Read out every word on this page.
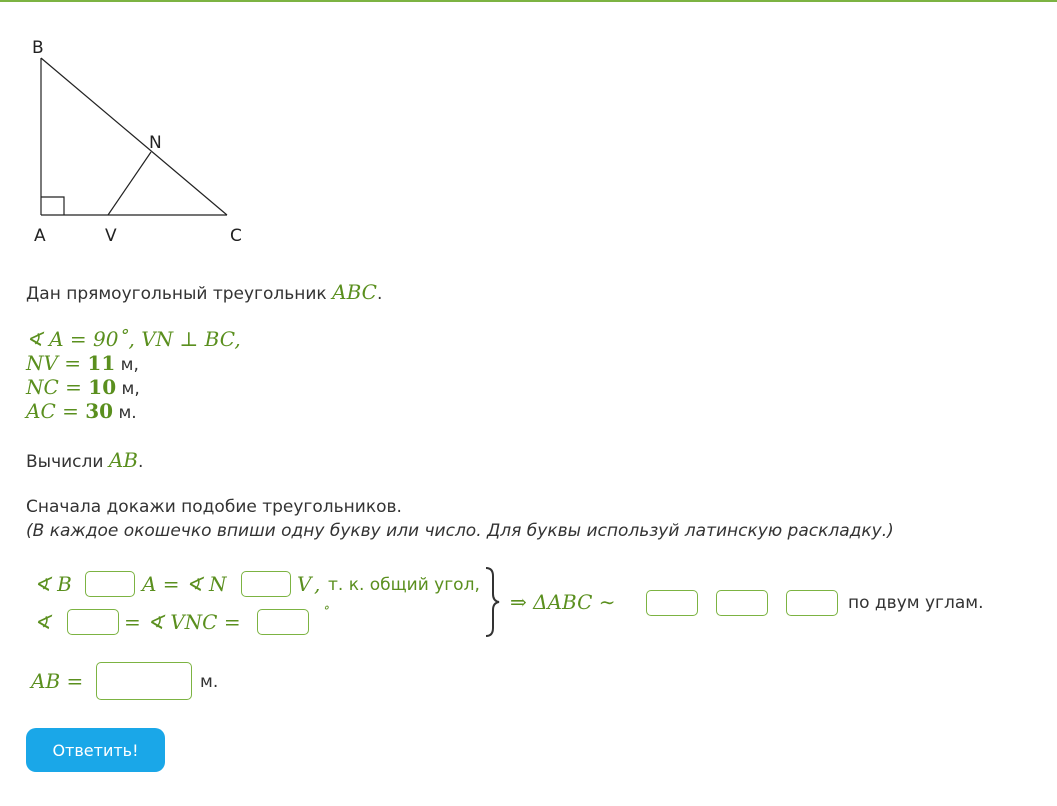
B
N
A	V	C
Дан прямоугольный треугольник ABC.
∢ A = 90˚, VN ⊥ BC,
NV = 11 м,
NC = 10 м,
AC = 30 м.
Вычисли AB.
Сначала докажи подобие треугольников.
(В каждое окошечко впиши одну букву или число. Для буквы используй латинскую раскладку.)
∢ B	A = ∢ N	V , т. к. общий угол,
∢	= ∢ VNC =	˚	⇒ ΔABC ∼	по двум углам.
AB =	м.
Ответить!
